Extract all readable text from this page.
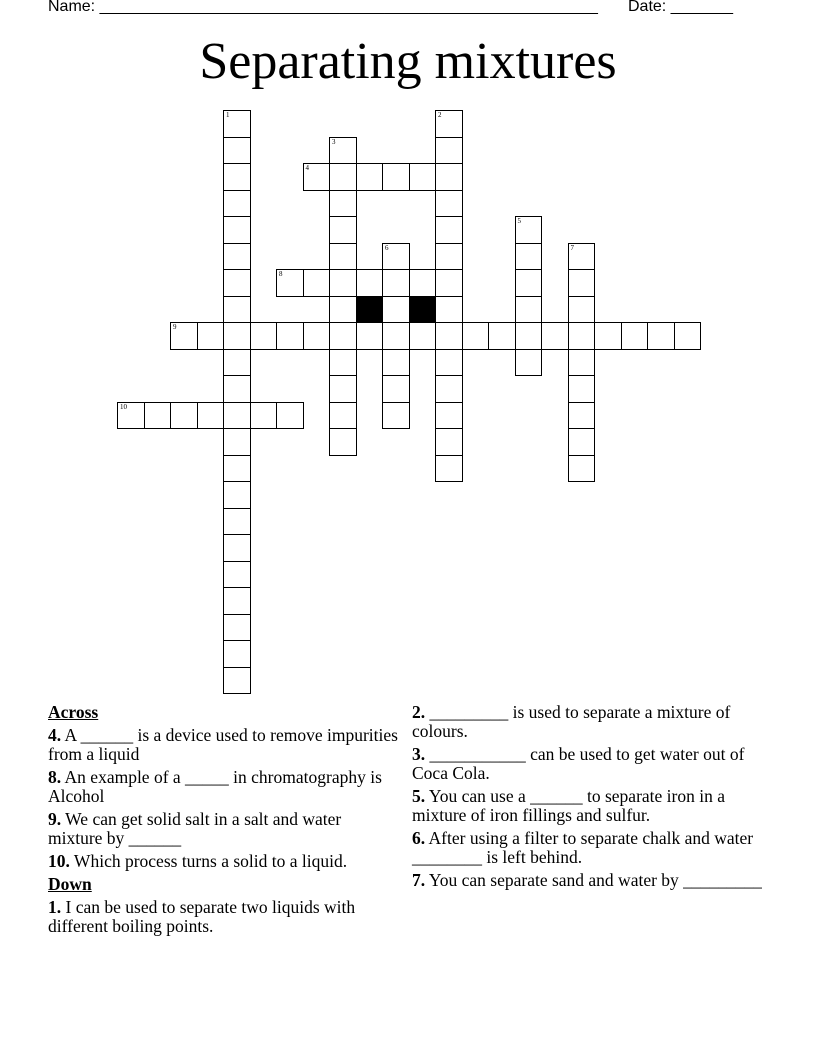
Name: ________________________________________________________ Date: _______
Separating mixtures
1	2
3
4
5
6	7
8
9
10
Across
4. A ______ is a device used to remove impurities from a liquid
8. An example of a _____ in chromatography is Alcohol
9. We can get solid salt in a salt and water mixture by ______
10. Which process turns a solid to a liquid.
Down
1. I can be used to separate two liquids with different boiling points.
2. _________ is used to separate a mixture of colours.
3. ___________ can be used to get water out of Coca Cola.
5. You can use a ______ to separate iron in a mixture of iron fillings and sulfur.
6. After using a filter to separate chalk and water ________ is left behind.
7. You can separate sand and water by _________
